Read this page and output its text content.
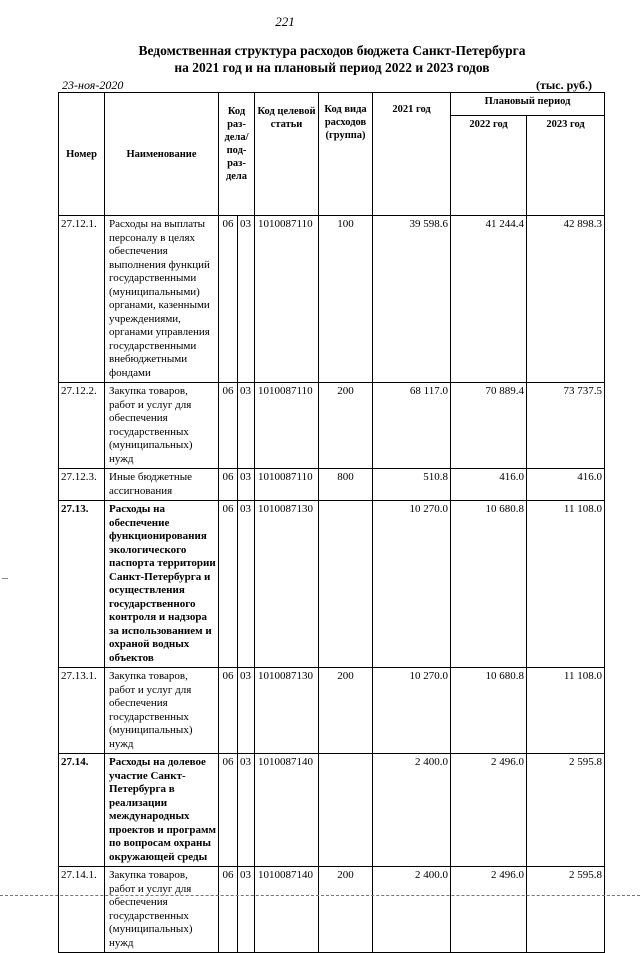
221
Ведомственная структура расходов бюджета Санкт-Петербурга
на 2021 год и на плановый период 2022 и 2023 годов
23-ноя-2020	(тыс. руб.)
Номер	Наименование	Код раз-дела/ под-раз-дела		Код целевой статьи	Код вида расходов (группа)	2021 год	Плановый период	
							2022 год	2023 год
27.12.1.	Расходы на выплаты персоналу в целях обеспечения выполнения функций государственными (муниципальными) органами, казенными учреждениями, органами управления государственными внебюджетными фондами	06	03	1010087110	100	39 598.6	41 244.4	42 898.3
27.12.2.	Закупка товаров, работ и услуг для обеспечения государственных (муниципальных) нужд	06	03	1010087110	200	68 117.0	70 889.4	73 737.5
27.12.3.	Иные бюджетные ассигнования	06	03	1010087110	800	510.8	416.0	416.0
27.13.	Расходы на обеспечение функционирования экологического паспорта территории Санкт-Петербурга и осуществления государственного контроля и надзора за использованием и охраной водных объектов	06	03	1010087130		10 270.0	10 680.8	11 108.0
27.13.1.	Закупка товаров, работ и услуг для обеспечения государственных (муниципальных) нужд	06	03	1010087130	200	10 270.0	10 680.8	11 108.0
27.14.	Расходы на долевое участие Санкт-Петербурга в реализации международных проектов и программ по вопросам охраны окружающей среды	06	03	1010087140		2 400.0	2 496.0	2 595.8
27.14.1.	Закупка товаров, работ и услуг для обеспечения государственных (муниципальных) нужд	06	03	1010087140	200	2 400.0	2 496.0	2 595.8
